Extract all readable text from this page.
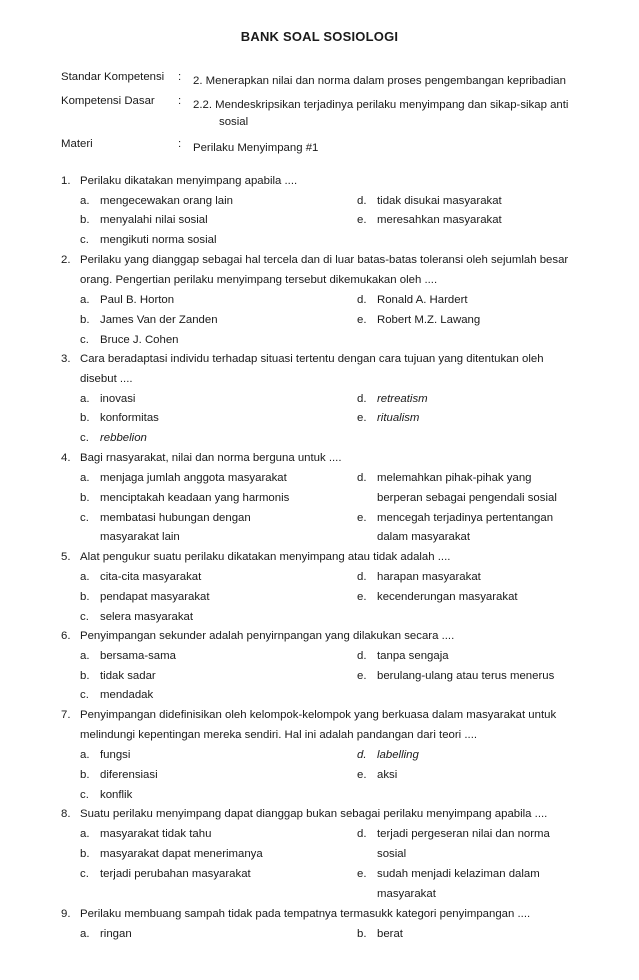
BANK SOAL SOSIOLOGI
Standar Kompetensi : 2. Menerapkan nilai dan norma dalam proses pengembangan kepribadian
Kompetensi Dasar : 2.2. Mendeskripsikan terjadinya perilaku menyimpang dan sikap-sikap anti
sosial
Materi	: Perilaku Menyimpang #1
1. Perilaku dikatakan menyimpang apabila ....
a. mengecewakan orang lain
b. menyalahi nilai sosial
c. mengikuti norma sosial
d. tidak disukai masyarakat
e. meresahkan masyarakat
2. Perilaku yang dianggap sebagai hal tercela dan di luar batas-batas toleransi oleh sejumlah besar
orang. Pengertian perilaku menyimpang tersebut dikemukakan oleh ....
a. Paul B. Horton
b. James Van der Zanden
c. Bruce J. Cohen
d. Ronald A. Hardert
e. Robert M.Z. Lawang
3. Cara beradaptasi individu terhadap situasi tertentu dengan cara tujuan yang ditentukan oleh
disebut ....
a. inovasi
b. konformitas
c. rebbelion
d. retreatism
e. ritualism
4. Bagi rnasyarakat, nilai dan norma berguna untuk ....
a. menjaga jumlah anggota masyarakat
b. menciptakah keadaan yang harmonis
c. membatasi hubungan dengan
masyarakat lain
d. melemahkan pihak-pihak yang
berperan sebagai pengendali sosial
e. mencegah terjadinya pertentangan
dalam masyarakat
5. Alat pengukur suatu perilaku dikatakan menyimpang atau tidak adalah ....
a. cita-cita masyarakat
b. pendapat masyarakat
c. selera masyarakat
d. harapan masyarakat
e. kecenderungan masyarakat
6. Penyimpangan sekunder adalah penyirnpangan yang dilakukan secara ....
a. bersama-sama
b. tidak sadar
c. mendadak
d. tanpa sengaja
e. berulang-ulang atau terus menerus
7. Penyimpangan didefinisikan oleh kelompok-kelompok yang berkuasa dalam masyarakat untuk
melindungi kepentingan mereka sendiri. Hal ini adalah pandangan dari teori ....
a. fungsi
b. diferensiasi
c. konflik
d. labelling
e. aksi
8. Suatu perilaku menyimpang dapat dianggap bukan sebagai perilaku menyimpang apabila ....
a. masyarakat tidak tahu
b. masyarakat dapat menerimanya
c. terjadi perubahan masyarakat
d. terjadi pergeseran nilai dan norma
sosial
e. sudah menjadi kelaziman dalam
masyarakat
9. Perilaku membuang sampah tidak pada tempatnya termasukk kategori penyimpangan ....
a. ringan	b. berat
